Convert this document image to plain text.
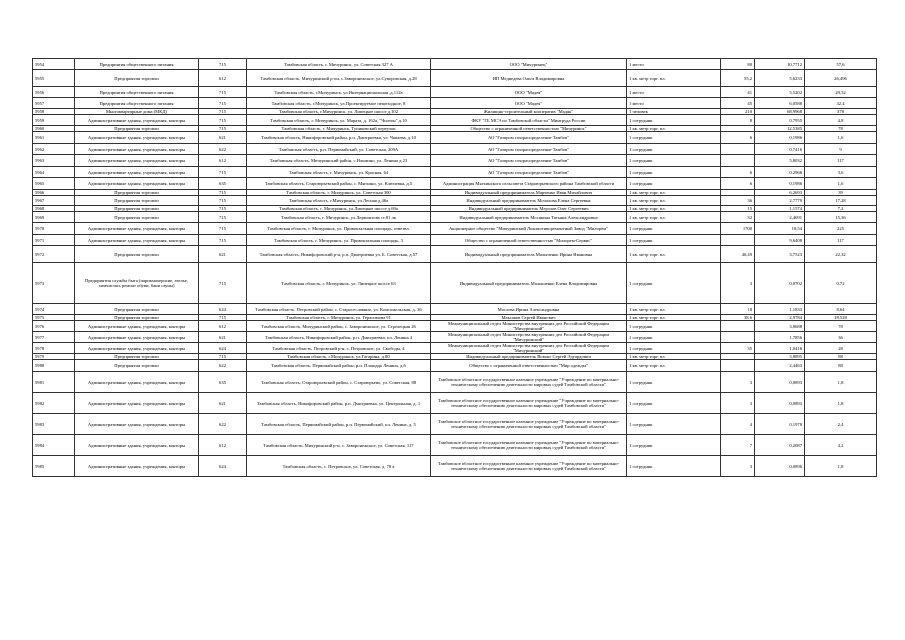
5954	Предприятия общественного питания	715	Тамбовская область, г. Мичуринск, ул. Советская 327 А	ООО "Мичуринец"	1 место	80	10,7712	57,6
5955	Предприятия торговли	612	Тамбовская область, Мичуринский р-он, с.Заворонежское, ул.Суворовская, д.28	ИП Медведева Ольга Владимировна	1 кв. метр торг. пл.	55,2	5,6233	26,496
5956	Предприятия общественного питания	715	Тамбовская область, г.Мичуринск, ул.Интернациональная ,д.112а	ООО "Мадея"	1 место	41	5,5202	29,52
5957	Предприятия общественного питания	715	Тамбовская область, г.Мичуринск, ул.Проектируемое пешеходное, 8	ООО "Мадея"	1 место	45	6,0588	32,4
5958	Многоквартирные дома (МКД)	715	Тамбовская область, г.Мичуринск, ул. Липецкое шоссе д.102	Жилищно-строительный кооператив "Мадяк"	1 человек	210	68,9968	378
5959	Административные здания, учреждения, конторы	715	Тамбовская область, г. Мичуринск, ул. Марата, д. 162а, "Чилтон" д.10	ФКУ "ГБ МСЭ по Тамбовской области" Минтруда России	1 сотрудник	8	0,7955	4,8
5960	Предприятия торговли	715	Тамбовская область, г. Мичуринск, Тупиковский переулок	Общество с ограниченной ответственностью "Мичуринск"	1 кв. метр торг. пл.		12,5385	78
5961	Административные здания, учреждения, конторы	621	Тамбовская область, Никифоровский район, р.п. Дмитриевка, ул. Чапаева, д.10	АО "Газпром газораспределение Тамбов"	1 сотрудник	6	0,1986	1,6
5962	Административные здания, учреждения, конторы	622	Тамбовская область, р.п. Первомайский, ул. Советская, 209А	АО "Газпром газораспределение Тамбов"	1 сотрудник		0,7416	9
5963	Административные здания, учреждения, конторы	612	Тамбовская область, Мичуринский район, с.Ильмино, ул. Ленина д.23	АО "Газпром газораспределение Тамбов"	1 сотрудник		5,8032	117
5964	Административные здания, учреждения, конторы	715	Тамбовская область, г. Мичуринск, ул. Красная, 64	АО "Газпром газораспределение Тамбов"	1 сотрудник	6	0,2966	3,6
5965	Административные здания, учреждения, конторы	635	Тамбовская область, Староюрьевский район, с. Мягкино, ул. Ключевка, д.5	Администрация Мягкинского сельсовета Староюрьевского района Тамбовской области	1 сотрудник	6	0,1986	1,6
5966	Предприятия торговли	715	Тамбовская область, г. Мичуринск, ул. Советская 300	Индивидуальный предприниматель Марченко Иван Михайлович	1 кв. метр торг. пл.		6,2693	39
5967	Предприятия торговли	715	Тамбовская область, г.Мичуринск, ул.Лесная д.46а	Индивидуальный предприниматель Мочалова Елена Сергеевна	1 кв. метр торг. пл.	36	2,7779	17,28
5968	Предприятия торговли	715	Тамбовская область, г. Мичуринск, ул.Липецкое шоссе д.69а	Индивидуальный предприниматель Мерзлов Олег Сергеевич	1 кв. метр торг. пл.	15	1,1574	7,2
5969	Предприятия торговли	715	Тамбовская область, г. Мичуринск, ул.Лермонтова ст.81 лк	Индивидуальный предприниматель Мосякина Татьяна Александровна	1 кв. метр торг. пл.	32	2,4691	15,36
5970	Административные здания, учреждения, конторы	715	Тамбовская область, г. Мичуринск, ул. Привокзальная площадь, ответвл.	Акционерное общество "Мичуринский Локомотиворемонтный Завод "Милорем"	1 сотрудник	1700	18,54	225
5971	Административные здания, учреждения, конторы	715	Тамбовская область, г. Мичуринск, ул. Привокзальная площадь, 3	Общество с ограниченной ответственностью "Милорем-Сервис"	1 сотрудник		9,6408	117
5972	Предприятия торговли	621	Тамбовская область, Никифоровский р-н, р.п. Дмитриевка ул. Б. Советская, д.57	Индивидуальный предприниматель Малыченко Ирина Ивановна	1 кв. метр торг. пл.	46,49	3,7523	22,32
5973	Предприятия службы быта (парикмахерские, ателье, химчистки, ремонт обуви, бани сауны)	715	Тамбовская область, г. Мичуринск, ул. Липецкое шоссе 63	Индивидуальный предприниматель Малышенко Елена Владимировна	1 сотрудник	3	0,0702	0,72
5974	Предприятия торговли	624	Тамбовская область, Петровский район, с. Старосеславино, ул. Комсомольская, д. 36	Маслова Ирина Александровна	1 кв. метр торг. пл.	18	1,1833	8,64
5975	Предприятия торговли	715	Тамбовская область, г. Мичуринск, ул. Герасимова 91	Максаков Сергей Иванович	1 кв. метр торг. пл.	38,6	2,9784	18,528
5976	Административные здания, учреждения, конторы	612	Тамбовская область, Мичуринский район, с. Заворонежское, ул. Стрелецкая 26	Межмуниципальный отдел Министерства внутренних дел Российской Федерации "Мичуринский"	1 сотрудник		3,8688	78
5977	Административные здания, учреждения, конторы	621	Тамбовская область, Никифоровский район, р.п. Дмитриевка, пл. Ленина 4	Межмуниципальный отдел Министерства внутренних дел Российской Федерации "Мичуринский"	1 сотрудник		1,7856	36
5978	Административные здания, учреждения, конторы	624	Тамбовская область, Петровский р-н, с. Петровское, ул. Свободы, 4	Межмуниципальный отдел Министерства внутренних дел Российской Федерации "Мичуринский"	1 сотрудник	35	1,0416	28
5979	Предприятия торговли	715	Тамбовская область, г.Мичуринск, ул.Гагарина, д.80	Индивидуальный предприниматель Вовонг Сергей Эдуардович	1 кв. метр торг. пл.		3,8895	88
5980	Предприятия торговли	622	Тамбовская область, Первомайский район, р.п. Площадь Ленина, д.6	Общество с ограниченной ответственностью "Мир одежды"	1 кв. метр торг. пл.		2,4463	88
5981	Административные здания, учреждения, конторы	635	Тамбовская область, Староюрьевский район, с. Староюрьево, ул. Советская, 88	Тамбовское областное государственное казенное учреждение "Учреждение по материально-техническому обеспечению деятельности мировых судей Тамбовской области"	1 сотрудник	3	0,0893	1,8
5982	Административные здания, учреждения, конторы	621	Тамбовская область, Никифоровский район, р.п. Дмитриевка, ул. Центральная, д. 1	Тамбовское областное государственное казенное учреждение "Учреждение по материально-техническому обеспечению деятельности мировых судей Тамбовской области"	1 сотрудник	3	0,0893	1,8
5983	Административные здания, учреждения, конторы	622	Тамбовская область, Первомайский район, р.п. Первомайский, пл. Ленина, д. 5	Тамбовское областное государственное казенное учреждение "Учреждение по материально-техническому обеспечению деятельности мировых судей Тамбовской области"	1 сотрудник	4	0,1978	2,4
5984	Административные здания, учреждения, конторы	612	Тамбовская область, Мичуринский р-н, с. Заворонежское, ул. Советская, 117	Тамбовское областное государственное казенное учреждение "Учреждение по материально-техническому обеспечению деятельности мировых судей Тамбовской области"	1 сотрудник	7	0,2087	4,2
5985	Административные здания, учреждения, конторы	624	Тамбовская область, с. Петровское, ул. Советская, д. 78 а	Тамбовское областное государственное казенное учреждение "Учреждение по материально-техническому обеспечению деятельности мировых судей Тамбовской области"	1 сотрудник	3	0,0896	1,8
